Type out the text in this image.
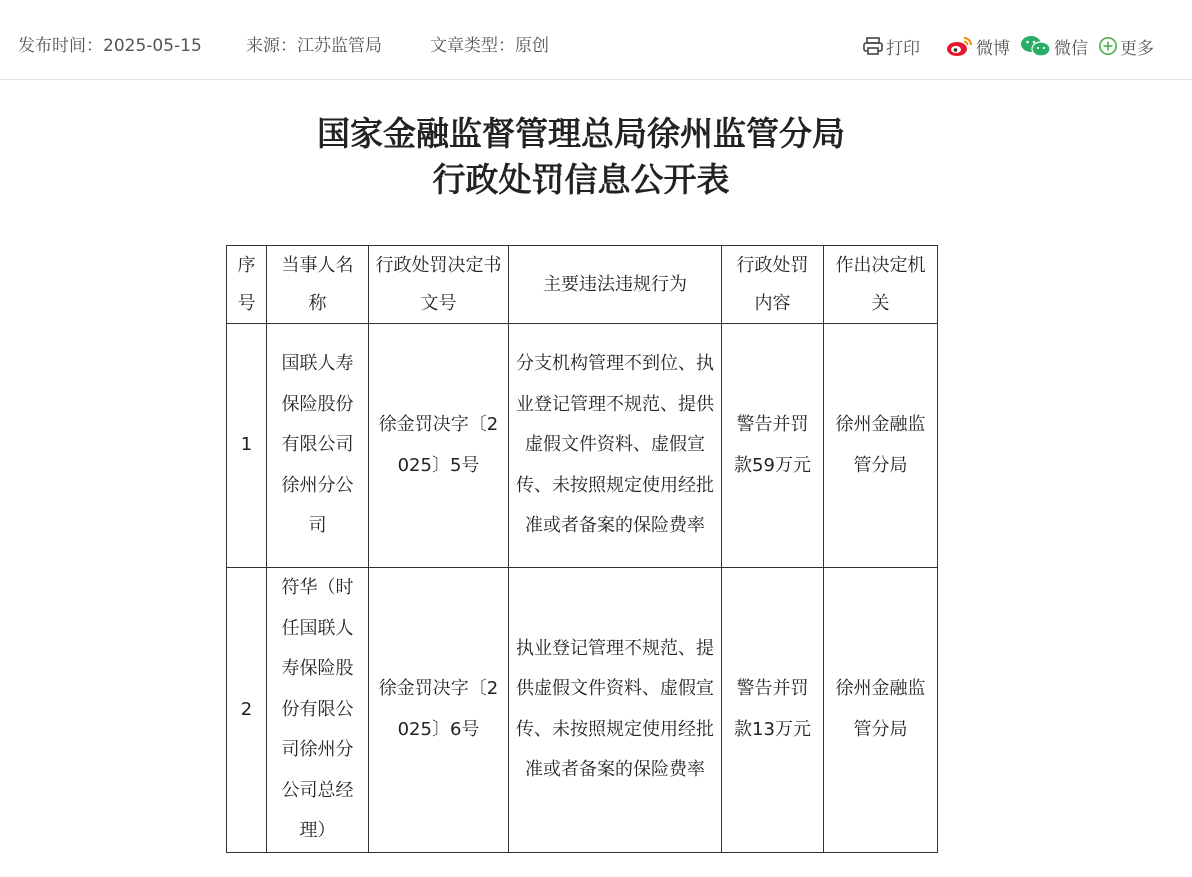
发布时间：2025-05-15	来源：江苏监管局	文章类型：原创	打印	微博	微信 更多
国家金融监督管理总局徐州监管分局
行政处罚信息公开表
序号	当事人名称	行政处罚决定书文号	主要违法违规行为	行政处罚内容	作出决定机关
1	国联人寿保险股份有限公司徐州分公司	徐金罚决字〔2025〕5号	分支机构管理不到位、执业登记管理不规范、提供虚假文件资料、虚假宣传、未按照规定使用经批准或者备案的保险费率	警告并罚款59万元	徐州金融监管分局
2	符华（时任国联人寿保险股份有限公司徐州分公司总经理）	徐金罚决字〔2025〕6号	执业登记管理不规范、提供虚假文件资料、虚假宣传、未按照规定使用经批准或者备案的保险费率	警告并罚款13万元	徐州金融监管分局
